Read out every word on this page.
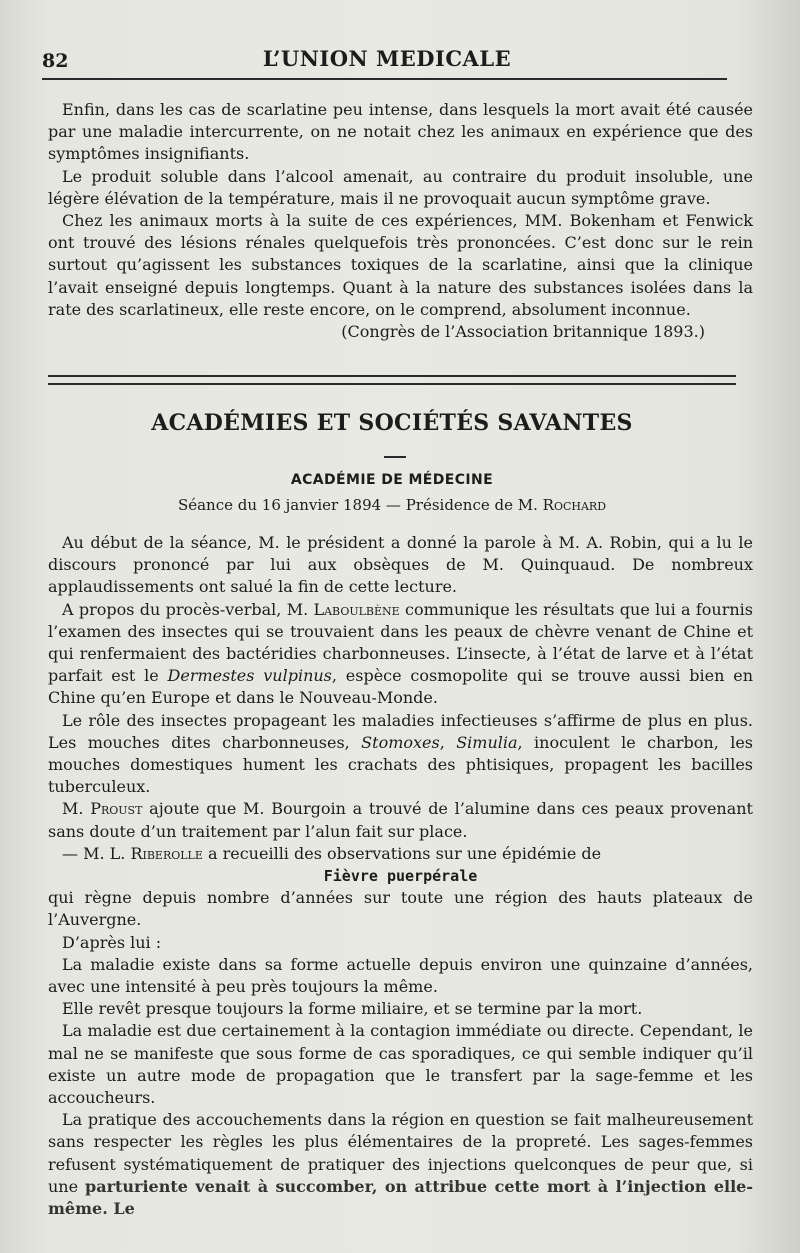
82	L’UNION MEDICALE

Enfin, dans les cas de scarlatine peu intense, dans lesquels la mort avait été causée par une maladie intercurrente, on ne notait chez les animaux en expérience que des symptômes insignifiants.

Le produit soluble dans l’alcool amenait, au contraire du produit insoluble, une légère élévation de la température, mais il ne provoquait aucun symptôme grave.

Chez les animaux morts à la suite de ces expériences, MM. Bokenham et Fenwick ont trouvé des lésions rénales quelquefois très prononcées. C’est donc sur le rein surtout qu’agissent les substances toxiques de la scarlatine, ainsi que la clinique l’avait enseigné depuis longtemps. Quant à la nature des substances isolées dans la rate des scarlatineux, elle reste encore, on le comprend, absolument inconnue.

(Congrès de l’Association britannique 1893.)

ACADÉMIES ET SOCIÉTÉS SAVANTES
ACADÉMIE DE MÉDECINE
Séance du 16 janvier 1894 — Présidence de M. Rochard

Au début de la séance, M. le président a donné la parole à M. A. Robin, qui a lu le discours prononcé par lui aux obsèques de M. Quinquaud. De nombreux applaudissements ont salué la fin de cette lecture.

A propos du procès-verbal, M. Laboulbène communique les résultats que lui a fournis l’examen des insectes qui se trouvaient dans les peaux de chèvre venant de Chine et qui renfermaient des bactéridies charbonneuses. L’insecte, à l’état de larve et à l’état parfait est le Dermestes vulpinus, espèce cosmopolite qui se trouve aussi bien en Chine qu’en Europe et dans le Nouveau-Monde.

Le rôle des insectes propageant les maladies infectieuses s’affirme de plus en plus. Les mouches dites charbonneuses, Stomoxes, Simulia, inoculent le charbon, les mouches domestiques hument les crachats des phtisiques, propagent les bacilles tuberculeux.

M. Proust ajoute que M. Bourgoin a trouvé de l’alumine dans ces peaux provenant sans doute d’un traitement par l’alun fait sur place.

— M. L. Riberolle a recueilli des observations sur une épidémie de

Fièvre puerpérale

qui règne depuis nombre d’années sur toute une région des hauts plateaux de l’Auvergne.

D’après lui :

La maladie existe dans sa forme actuelle depuis environ une quinzaine d’années, avec une intensité à peu près toujours la même.

Elle revêt presque toujours la forme miliaire, et se termine par la mort.

La maladie est due certainement à la contagion immédiate ou directe. Cependant, le mal ne se manifeste que sous forme de cas sporadiques, ce qui semble indiquer qu’il existe un autre mode de propagation que le transfert par la sage-femme et les accoucheurs.

La pratique des accouchements dans la région en question se fait malheureusement sans respecter les règles les plus élémentaires de la propreté. Les sages-femmes refusent systématiquement de pratiquer des injections quelconques de peur que, si une parturiente venait à succomber, on attribue cette mort à l’injection elle-même. Le
